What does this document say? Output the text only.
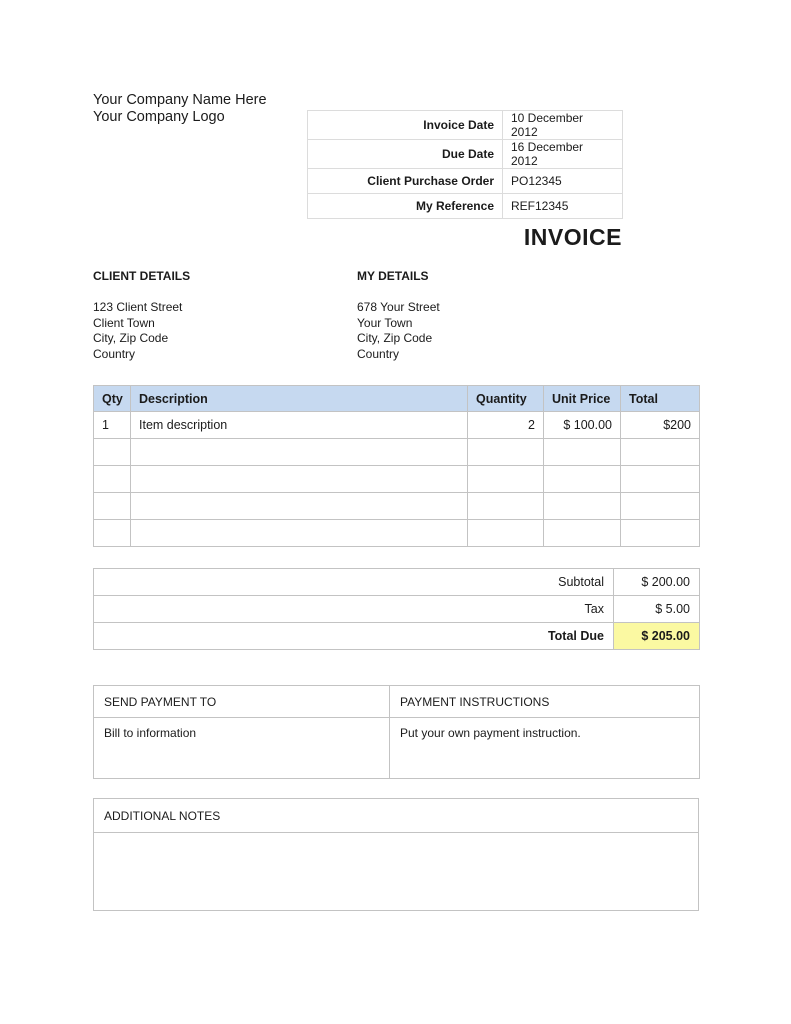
Your Company Name Here
Your Company Logo	Invoice Date	10 December  2012
Due Date	16 December  2012
Client Purchase Order	PO12345
My Reference	REF12345
INVOICE

CLIENT DETAILS

123 Client Street
Client Town
City, Zip Code
Country

MY DETAILS

678 Your Street
Your Town
City, Zip Code
Country
Qty	Description	Quantity	Unit Price	Total
1	Item description	2	$ 100.00	$200

Subtotal	$ 200.00
Tax	$ 5.00
Total Due	$ 205.00
SEND PAYMENT TO	PAYMENT INSTRUCTIONS
Bill to information	Put your own payment instruction.
ADDITIONAL NOTES
